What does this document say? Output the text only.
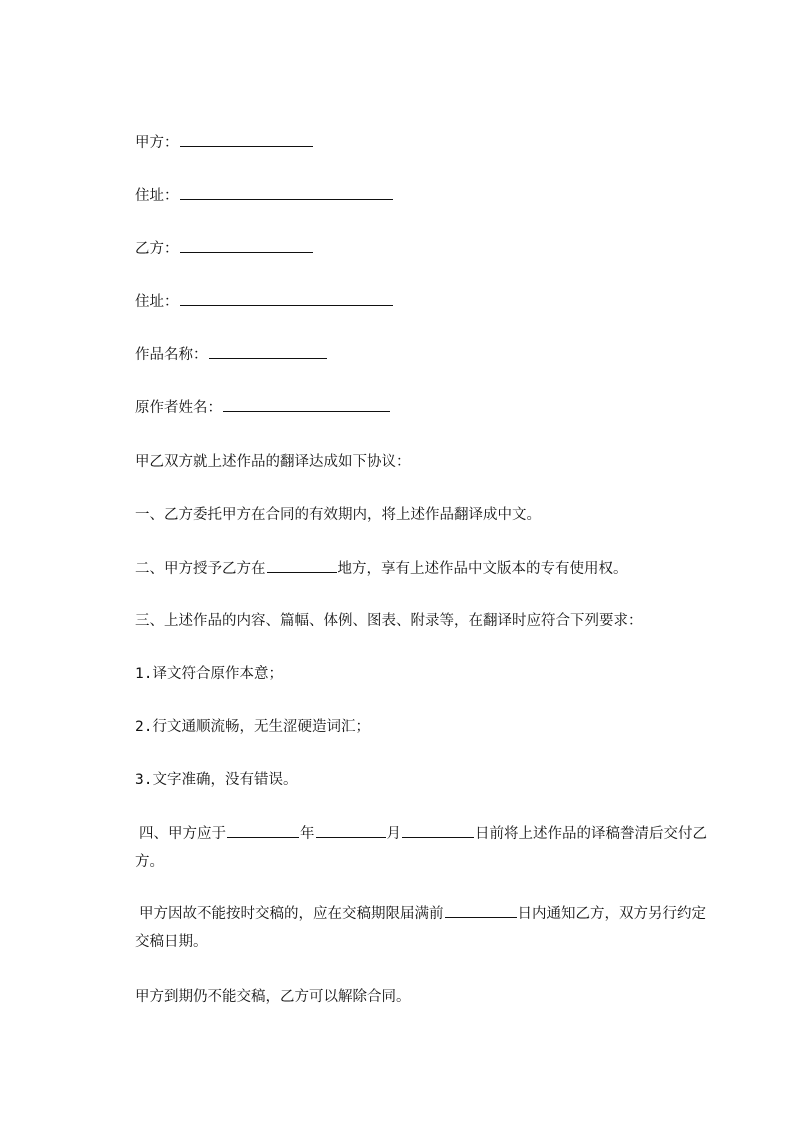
甲方：
住址：
乙方：
住址：
作品名称：
原作者姓名：
甲乙双方就上述作品的翻译达成如下协议：
一、乙方委托甲方在合同的有效期内，将上述作品翻译成中文。
二、甲方授予乙方在	地方，享有上述作品中文版本的专有使用权。
三、上述作品的内容、篇幅、体例、图表、附录等，在翻译时应符合下列要求：
1.译文符合原作本意；
2.行文通顺流畅，无生涩硬造词汇；
3.文字准确，没有错误。
四、甲方应于	年	月	日前将上述作品的译稿誊清后交付乙方。
甲方因故不能按时交稿的，应在交稿期限届满前	日内通知乙方，双方另行约定交稿日期。
甲方到期仍不能交稿，乙方可以解除合同。
